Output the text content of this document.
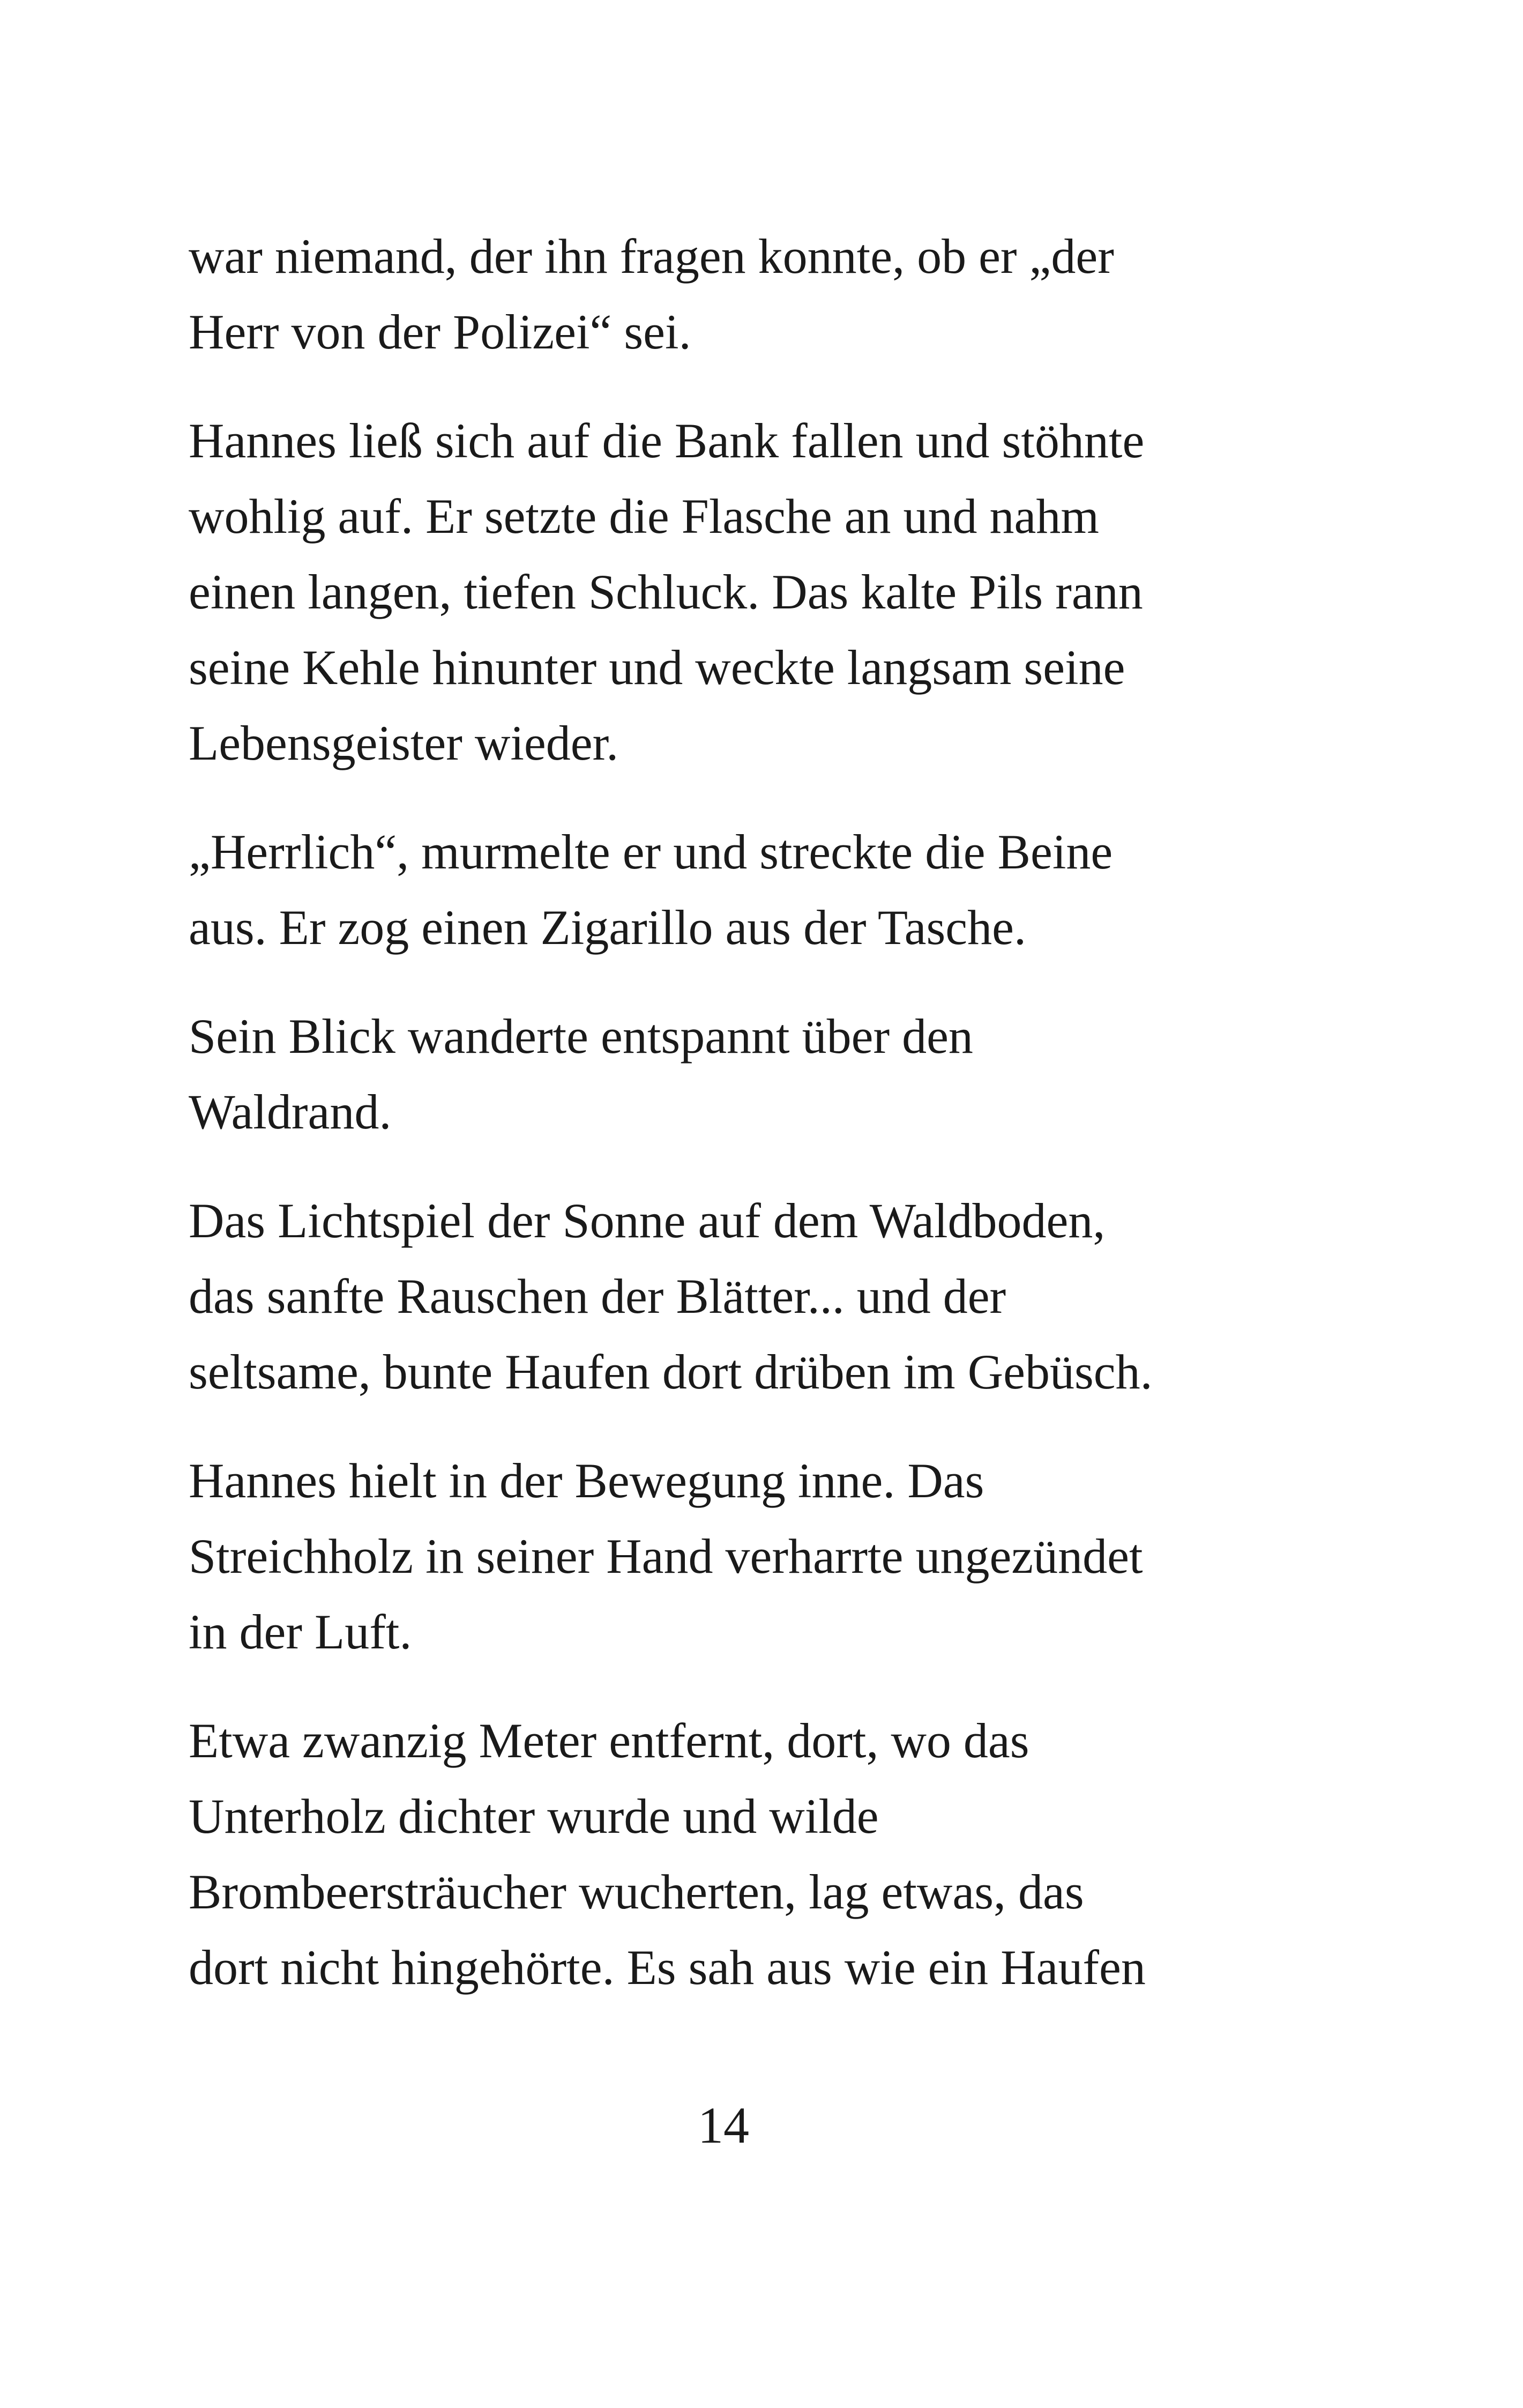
war niemand, der ihn fragen konnte, ob er „der
Herr von der Polizei“ sei.

Hannes ließ sich auf die Bank fallen und stöhnte
wohlig auf. Er setzte die Flasche an und nahm
einen langen, tiefen Schluck. Das kalte Pils rann
seine Kehle hinunter und weckte langsam seine
Lebensgeister wieder.

„Herrlich“, murmelte er und streckte die Beine
aus. Er zog einen Zigarillo aus der Tasche.

Sein Blick wanderte entspannt über den
Waldrand.

Das Lichtspiel der Sonne auf dem Waldboden,
das sanfte Rauschen der Blätter... und der
seltsame, bunte Haufen dort drüben im Gebüsch.

Hannes hielt in der Bewegung inne. Das
Streichholz in seiner Hand verharrte ungezündet
in der Luft.

Etwa zwanzig Meter entfernt, dort, wo das
Unterholz dichter wurde und wilde
Brombeersträucher wucherten, lag etwas, das
dort nicht hingehörte. Es sah aus wie ein Haufen

14
